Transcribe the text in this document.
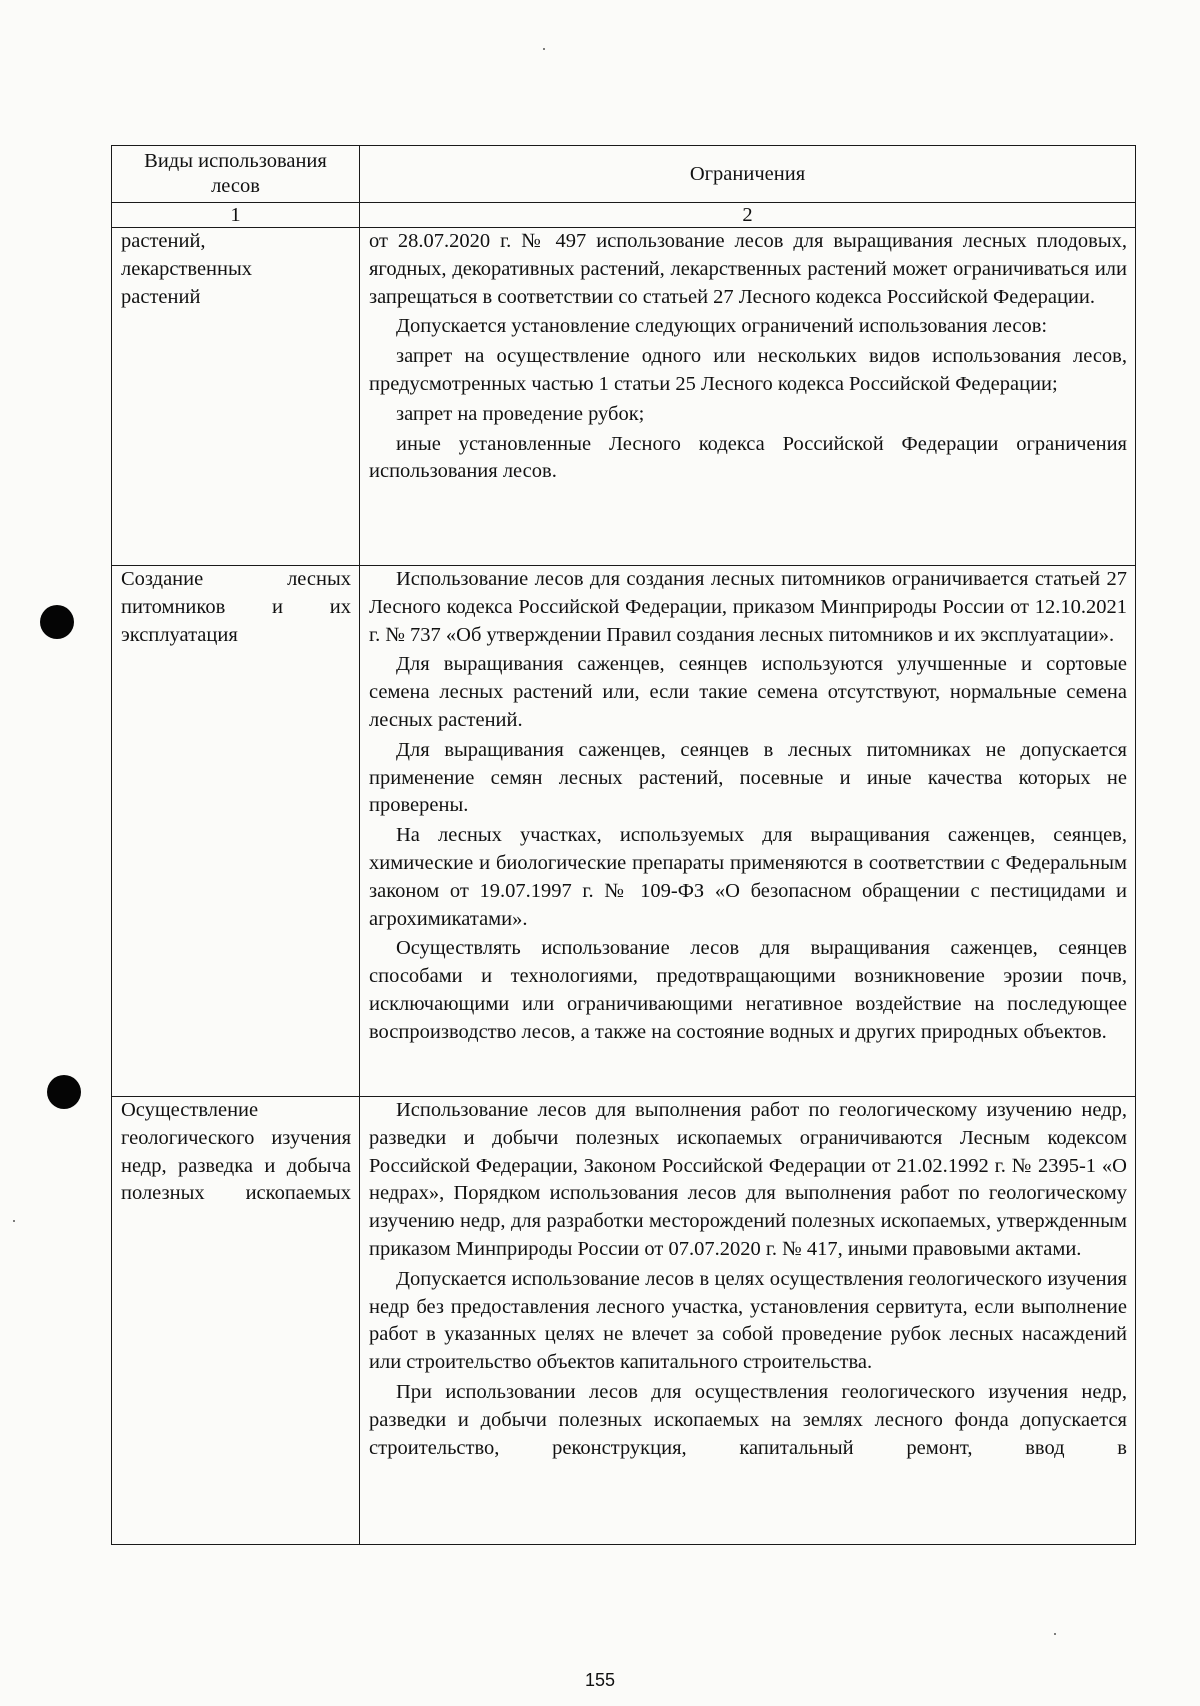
Виды использования лесов	Ограничения
1	2

растений, лекарственных растений	от 28.07.2020 г. № 497 использование лесов для выращивания лесных плодовых, ягодных, декоративных растений, лекарственных растений может ограничиваться или запрещаться в соответствии со статьей 27 Лесного кодекса Российской Федерации.

Допускается установление следующих ограничений использования лесов:

запрет на осуществление одного или нескольких видов использования лесов, предусмотренных частью 1 статьи 25 Лесного кодекса Российской Федерации;

запрет на проведение рубок;

иные установленные Лесного кодекса Российской Федерации ограничения использования лесов.

Создание лесных питомников и их эксплуатация	Использование лесов для создания лесных питомников ограничивается статьей 27 Лесного кодекса Российской Федерации, приказом Минприроды России от 12.10.2021 г. № 737 «Об утверждении Правил создания лесных питомников и их эксплуатации».

Для выращивания саженцев, сеянцев используются улучшенные и сортовые семена лесных растений или, если такие семена отсутствуют, нормальные семена лесных растений.

Для выращивания саженцев, сеянцев в лесных питомниках не допускается применение семян лесных растений, посевные и иные качества которых не проверены.

На лесных участках, используемых для выращивания саженцев, сеянцев, химические и биологические препараты применяются в соответствии с Федеральным законом от 19.07.1997 г. № 109-ФЗ «О безопасном обращении с пестицидами и агрохимикатами».

Осуществлять использование лесов для выращивания саженцев, сеянцев способами и технологиями, предотвращающими возникновение эрозии почв, исключающими или ограничивающими негативное воздействие на последующее воспроизводство лесов, а также на состояние водных и других природных объектов.

Осуществление геологического изучения недр, разведка и добыча полезных ископаемых	Использование лесов для выполнения работ по геологическому изучению недр, разведки и добычи полезных ископаемых ограничиваются Лесным кодексом Российской Федерации, Законом Российской Федерации от 21.02.1992 г. № 2395-1 «О недрах», Порядком использования лесов для выполнения работ по геологическому изучению недр, для разработки месторождений полезных ископаемых, утвержденным приказом Минприроды России от 07.07.2020 г. № 417, иными правовыми актами.

Допускается использование лесов в целях осуществления геологического изучения недр без предоставления лесного участка, установления сервитута, если выполнение работ в указанных целях не влечет за собой проведение рубок лесных насаждений или строительство объектов капитального строительства.

При использовании лесов для осуществления геологического изучения недр, разведки и добычи полезных ископаемых на землях лесного фонда допускается строительство, реконструкция, капитальный ремонт, ввод в

155
